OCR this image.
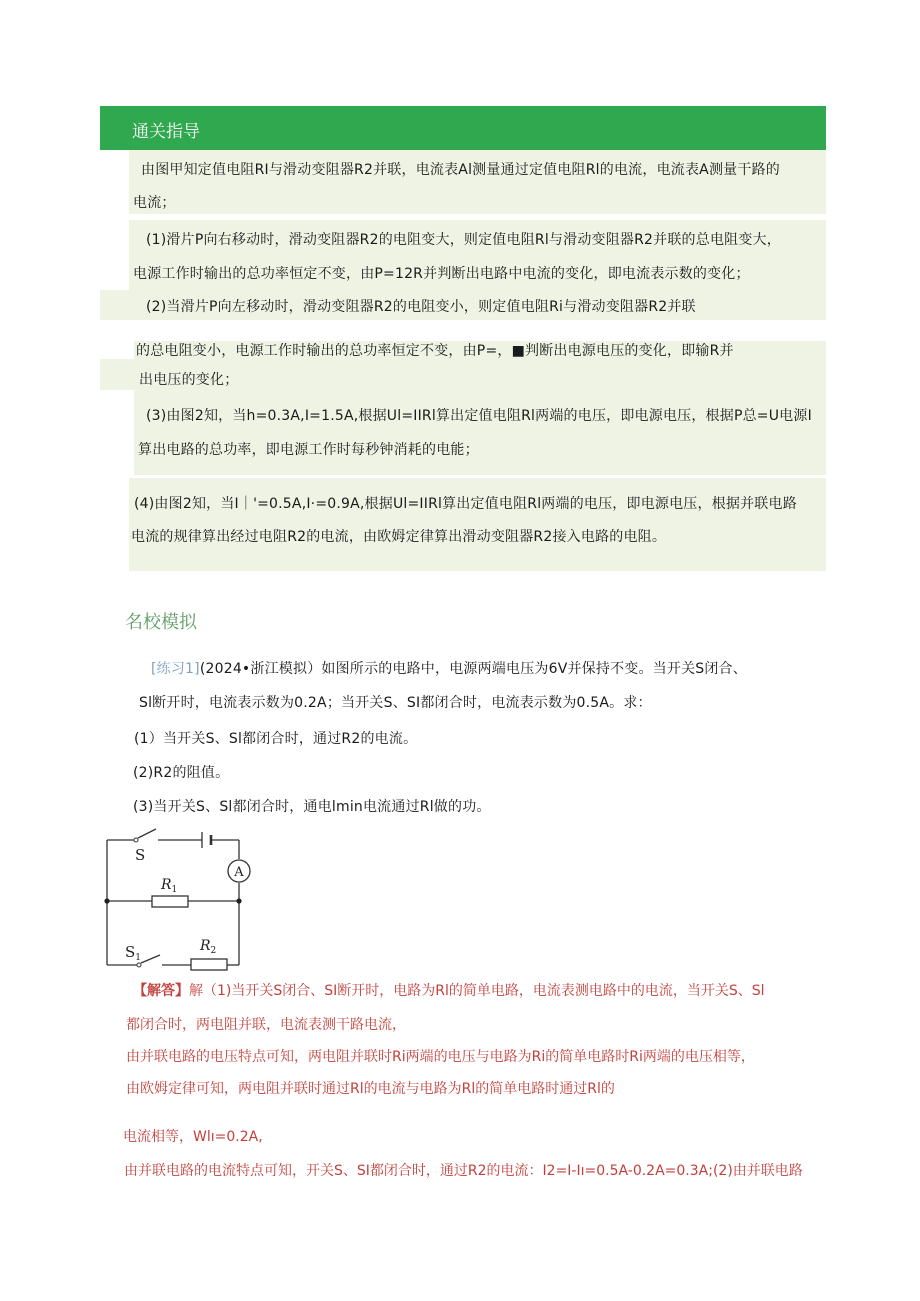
通关指导
由图甲知定值电阻RI与滑动变阻器R2并联，电流表Al测量通过定值电阻Rl的电流，电流表A测量干路的
电流；
(1)滑片P向右移动时，滑动变阻器R2的电阻变大，则定值电阻Rl与滑动变阻器R2并联的总电阻变大，
电源工作时输出的总功率恒定不变，由P=12R并判断出电路中电流的变化，即电流表示数的变化；
(2)当滑片P向左移动时，滑动变阻器R2的电阻变小，则定值电阻Ri与滑动变阻器R2并联
的总电阻变小，电源工作时输出的总功率恒定不变，由P=，■判断出电源电压的变化，即输R并
出电压的变化；
(3)由图2知，当h=0.3A,I=1.5A,根据Ul=IIRl算出定值电阻Rl两端的电压，即电源电压，根据P总=U电源I
算出电路的总功率，即电源工作时每秒钟消耗的电能；
(4)由图2知，当I｜'=0.5A,I·=0.9A,根据Ul=IIRl算出定值电阻Rl两端的电压，即电源电压，根据并联电路
电流的规律算出经过电阻R2的电流，由欧姆定律算出滑动变阻器R2接入电路的电阻。
名校模拟
[练习1](2024•浙江模拟）如图所示的电路中，电源两端电压为6V并保持不变。当开关S闭合、
Sl断开时，电流表示数为0.2A；当开关S、SI都闭合时，电流表示数为0.5A。求：
(1）当开关S、Sl都闭合时，通过R2的电流。
(2)R2的阻值。
(3)当开关S、Sl都闭合时，通电lmin电流通过Rl做的功。
A
S
$R_1$
$S_1$
$R_2$
【解答】解（1)当开关S闭合、SI断开时，电路为Rl的简单电路，电流表测电路中的电流，当开关S、Sl
都闭合时，两电阻并联，电流表测干路电流，
由并联电路的电压特点可知，两电阻并联时Ri两端的电压与电路为Ri的简单电路时Ri两端的电压相等，
由欧姆定律可知，两电阻并联时通过Rl的电流与电路为Rl的简单电路时通过Rl的
电流相等，Wlı=0.2A,
由并联电路的电流特点可知，开关S、SI都闭合时，通过R2的电流：I2=I-Iı=0.5A-0.2A=0.3A;(2)由并联电路
